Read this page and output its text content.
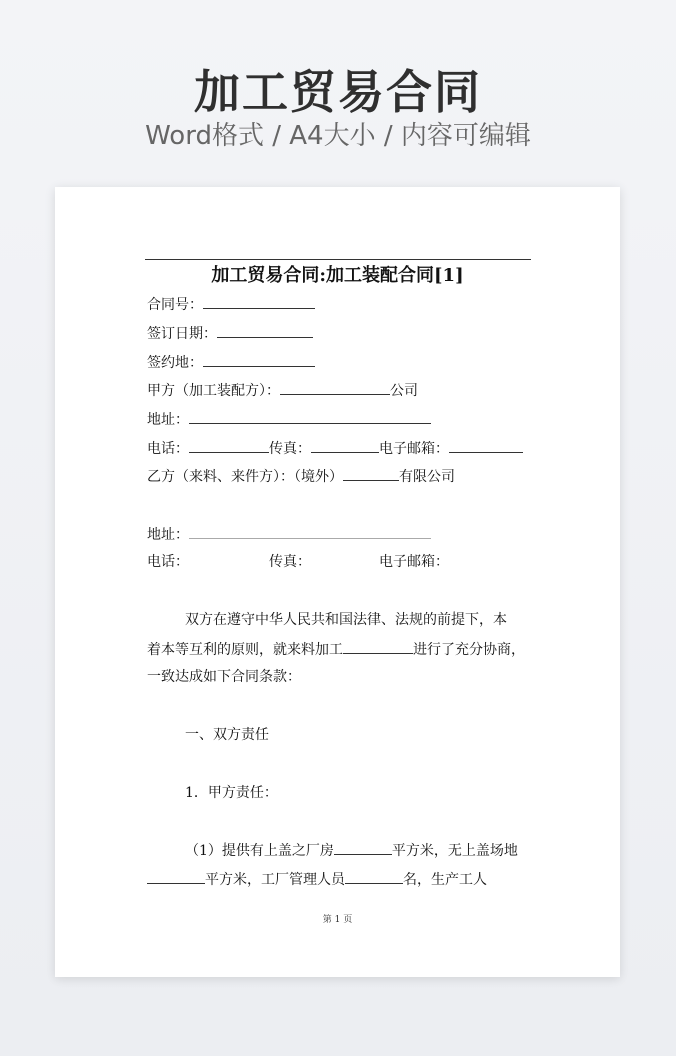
加工贸易合同
Word格式 / A4大小 / 内容可编辑
加工贸易合同:加工装配合同[1]
合同号：
签订日期：
签约地：
甲方（加工装配方）：	公司
地址：
电话：	传真：	电子邮箱：
乙方（来料、来件方）：（境外）	有限公司
地址：
电话：	传真：	电子邮箱：
双方在遵守中华人民共和国法律、法规的前提下，本
着本等互利的原则，就来料加工	进行了充分协商，
一致达成如下合同条款：
一、双方责任
1．甲方责任：
（1）提供有上盖之厂房	平方米，无上盖场地
平方米，工厂管理人员	名，生产工人
第 1 页
